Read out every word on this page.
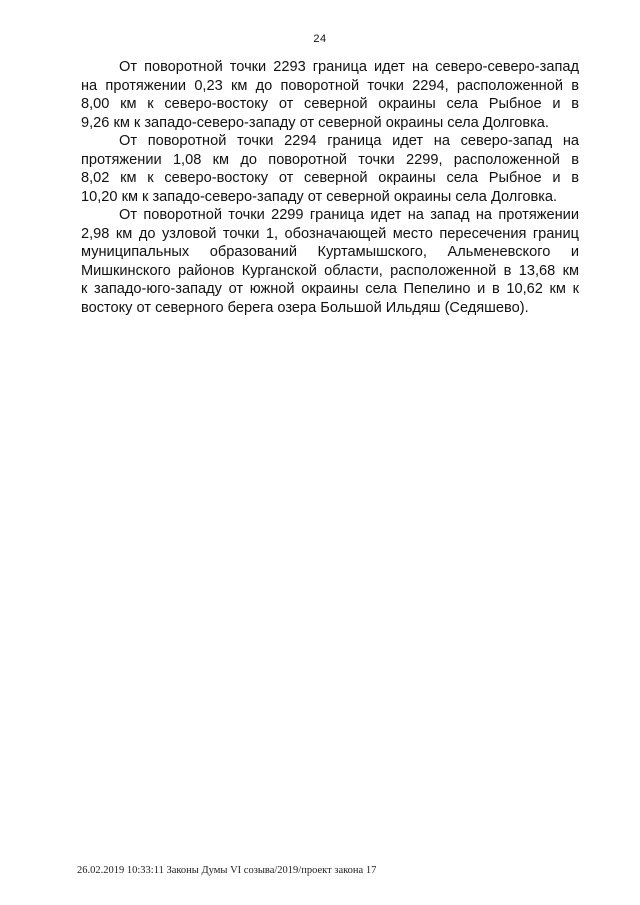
24

От поворотной точки 2293 граница идет на северо-северо-запад
на протяжении 0,23 км до поворотной точки 2294, расположенной в
8,00 км к северо-востоку от северной окраины села Рыбное и в
9,26 км к западо-северо-западу от северной окраины села Долговка.

От поворотной точки 2294 граница идет на северо-запад на
протяжении 1,08 км до поворотной точки 2299, расположенной в
8,02 км к северо-востоку от северной окраины села Рыбное и в
10,20 км к западо-северо-западу от северной окраины села Долговка.

От поворотной точки 2299 граница идет на запад на протяжении
2,98 км до узловой точки 1, обозначающей место пересечения границ
муниципальных образований Куртамышского, Альменевского и
Мишкинского районов Курганской области, расположенной в 13,68 км
к западо-юго-западу от южной окраины села Пепелино и в 10,62 км к
востоку от северного берега озера Большой Ильдяш (Седяшево).

26.02.2019 10:33:11 Законы Думы VI созыва/2019/проект закона 17
